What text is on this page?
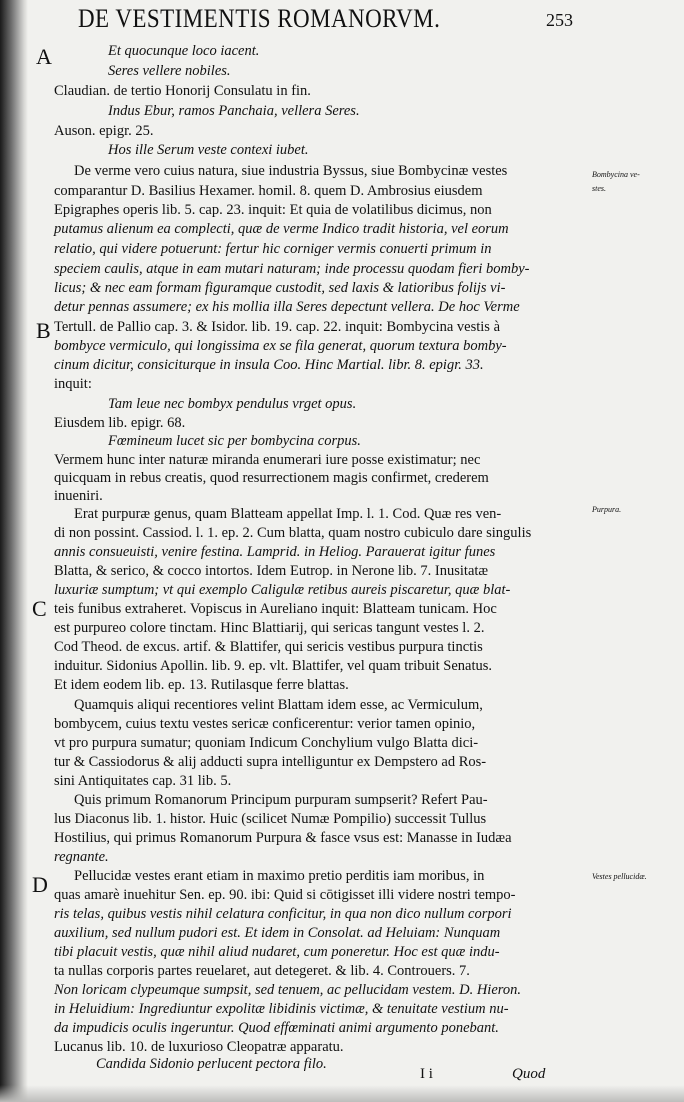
DE VESTIMENTIS ROMANORVM.	253
A
B
C
D
Bombycina ve-
stes.
Purpura.
Vestes pellucidæ.
Et quocunque loco iacent.
Seres vellere nobiles.
Claudian. de tertio Honorij Consulatu in fin.
Indus Ebur, ramos Panchaia, vellera Seres.
Auson. epigr. 25.
Hos ille Serum veste contexi iubet.
De verme vero cuius natura, siue industria Byssus, siue Bombycinæ vestes
comparantur D. Basilius Hexamer. homil. 8. quem D. Ambrosius eiusdem
Epigraphes operis lib. 5. cap. 23. inquit: Et quia de volatilibus dicimus, non
putamus alienum ea complecti, quæ de verme Indico tradit historia, vel eorum
relatio, qui videre potuerunt: fertur hic corniger vermis conuerti primum in
speciem caulis, atque in eam mutari naturam; inde processu quodam fieri bomby-
licus; & nec eam formam figuramque custodit, sed laxis & latioribus folijs vi-
detur pennas assumere; ex his mollia illa Seres depectunt vellera. De hoc Verme
Tertull. de Pallio cap. 3. & Isidor. lib. 19. cap. 22. inquit: Bombycina vestis à
bombyce vermiculo, qui longissima ex se fila generat, quorum textura bomby-
cinum dicitur, consiciturque in insula Coo. Hinc Martial. libr. 8. epigr. 33.
inquit:
Tam leue nec bombyx pendulus vrget opus.
Eiusdem lib. epigr. 68.
Fœmineum lucet sic per bombycina corpus.
Vermem hunc inter naturæ miranda enumerari iure posse existimatur; nec
quicquam in rebus creatis, quod resurrectionem magis confirmet, crederem
inueniri.
Erat purpuræ genus, quam Blatteam appellat Imp. l. 1. Cod. Quæ res ven-
di non possint. Cassiod. l. 1. ep. 2. Cum blatta, quam nostro cubiculo dare singulis
annis consueuisti, venire festina. Lamprid. in Heliog. Parauerat igitur funes
Blatta, & serico, & cocco intortos. Idem Eutrop. in Nerone lib. 7. Inusitatæ
luxuriæ sumptum; vt qui exemplo Caligulæ retibus aureis piscaretur, quæ blat-
teis funibus extraheret. Vopiscus in Aureliano inquit: Blatteam tunicam. Hoc
est purpureo colore tinctam. Hinc Blattiarij, qui sericas tangunt vestes l. 2.
Cod Theod. de excus. artif. & Blattifer, qui sericis vestibus purpura tinctis
induitur. Sidonius Apollin. lib. 9. ep. vlt. Blattifer, vel quam tribuit Senatus.
Et idem eodem lib. ep. 13. Rutilasque ferre blattas.
Quamquis aliqui recentiores velint Blattam idem esse, ac Vermiculum,
bombycem, cuius textu vestes sericæ conficerentur: verior tamen opinio,
vt pro purpura sumatur; quoniam Indicum Conchylium vulgo Blatta dici-
tur & Cassiodorus & alij adducti supra intelliguntur ex Dempstero ad Ros-
sini Antiquitates cap. 31 lib. 5.
Quis primum Romanorum Principum purpuram sumpserit? Refert Pau-
lus Diaconus lib. 1. histor. Huic (scilicet Numæ Pompilio) successit Tullus
Hostilius, qui primus Romanorum Purpura & fasce vsus est: Manasse in Iudæa
regnante.
Pellucidæ vestes erant etiam in maximo pretio perditis iam moribus, in
quas amarè inuehitur Sen. ep. 90. ibi: Quid si cōtigisset illi videre nostri tempo-
ris telas, quibus vestis nihil celatura conficitur, in qua non dico nullum corpori
auxilium, sed nullum pudori est. Et idem in Consolat. ad Heluiam: Nunquam
tibi placuit vestis, quæ nihil aliud nudaret, cum poneretur. Hoc est quæ indu-
ta nullas corporis partes reuelaret, aut detegeret. & lib. 4. Controuers. 7.
Non loricam clypeumque sumpsit, sed tenuem, ac pellucidam vestem. D. Hieron.
in Heluidium: Ingrediuntur expolitæ libidinis victimæ, & tenuitate vestium nu-
da impudicis oculis ingeruntur. Quod effœminati animi argumento ponebant.
Lucanus lib. 10. de luxurioso Cleopatræ apparatu.
Candida Sidonio perlucent pectora filo.
I i	Quod
